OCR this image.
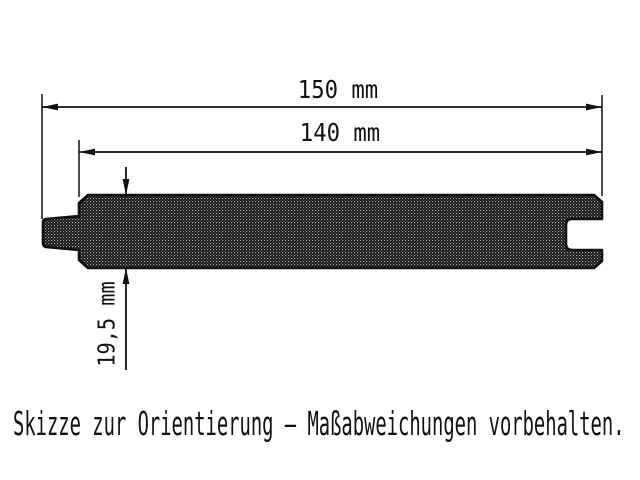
150 mm
140 mm
19,5 mm
Skizze zur Orientierung – Maßabweichungen vorbehalten.
